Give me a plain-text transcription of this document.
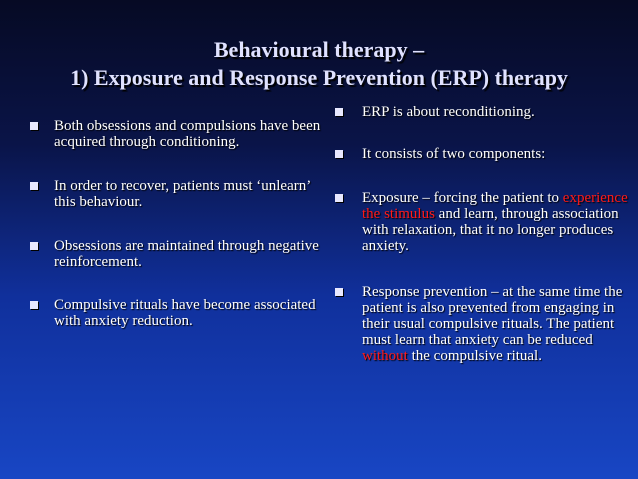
Behavioural therapy –
1) Exposure and Response Prevention (ERP) therapy
Both obsessions and compulsions have been acquired through conditioning.
In order to recover, patients must ‘unlearn’ this behaviour.
Obsessions are maintained through negative reinforcement.
Compulsive rituals have become associated with anxiety reduction.
ERP is about reconditioning.
It consists of two components:
Exposure – forcing the patient to experience the stimulus and learn, through association with relaxation, that it no longer produces anxiety.
Response prevention – at the same time the patient is also prevented from engaging in their usual compulsive rituals. The patient must learn that anxiety can be reduced without the compulsive ritual.
